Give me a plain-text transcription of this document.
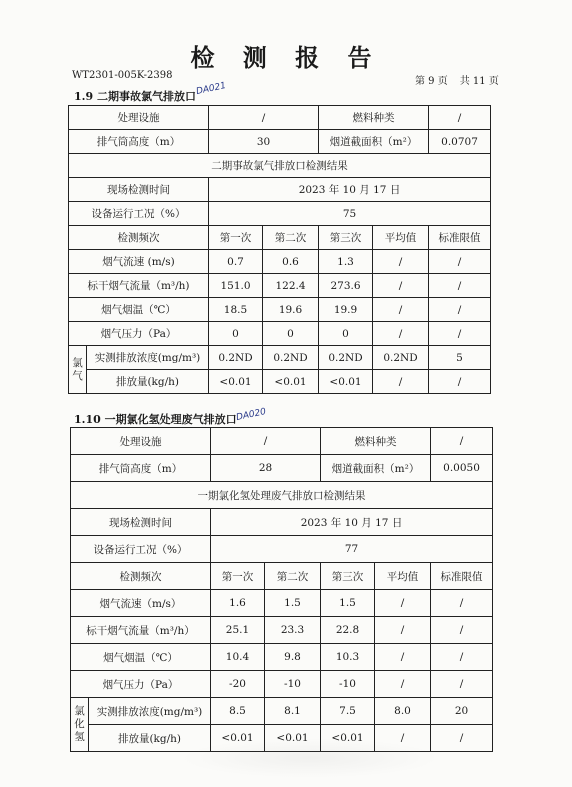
检 测 报 告
WT2301-005K-2398
第 9 页 共 11 页
1.9 二期事故氯气排放口 DA021
处理设施		/		燃料种类		/
排气筒高度（m）		30		烟道截面积（m²）		0.0707
二期事故氯气排放口检测结果						
现场检测时间		2023 年 10 月 17 日				
设备运行工况（%）		75				
检测频次		第一次	第二次	第三次	平均值	标准限值
烟气流速 (m/s)		0.7	0.6	1.3	/	/
标干烟气流量（m³/h)		151.0	122.4	273.6	/	/
烟气烟温（℃）		18.5	19.6	19.9	/	/
烟气压力（Pa）		0	0	0	/	/
氯气	实测排放浓度(mg/m³)	0.2ND	0.2ND	0.2ND	0.2ND	5
	排放量(kg/h)	<0.01	<0.01	<0.01	/	/
1.10 一期氯化氢处理废气排放口
DA020
处理设施		/		燃料种类		/
排气筒高度（m）		28		烟道截面积（m²）		0.0050
一期氯化氢处理废气排放口检测结果						
现场检测时间		2023 年 10 月 17 日				
设备运行工况（%）		77				
检测频次		第一次	第二次	第三次	平均值	标准限值
烟气流速（m/s）		1.6	1.5	1.5	/	/
标干烟气流量（m³/h）		25.1	23.3	22.8	/	/
烟气烟温（℃）		10.4	9.8	10.3	/	/
烟气压力（Pa）		-20	-10	-10	/	/
氯化氢	实测排放浓度(mg/m³)	8.5	8.1	7.5	8.0	20
	排放量(kg/h)	<0.01	<0.01	<0.01	/	/
